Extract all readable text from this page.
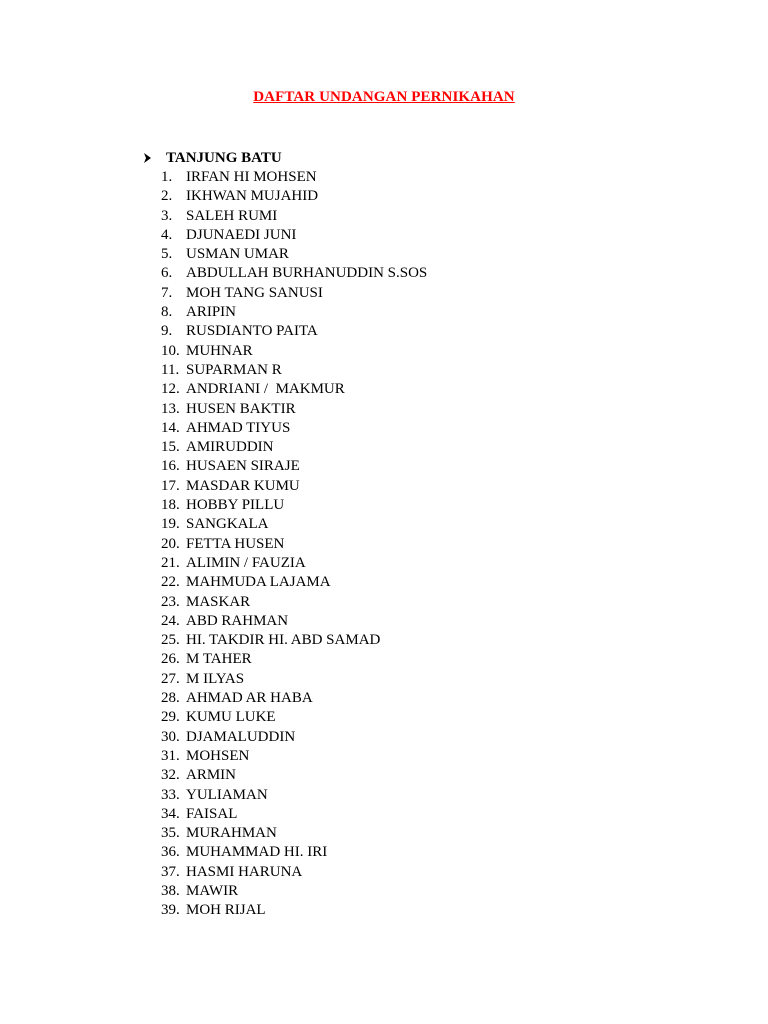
DAFTAR UNDANGAN PERNIKAHAN
TANJUNG BATU
1. IRFAN HI MOHSEN
2. IKHWAN MUJAHID
3. SALEH RUMI
4. DJUNAEDI JUNI
5. USMAN UMAR
6. ABDULLAH BURHANUDDIN S.SOS
7. MOH TANG SANUSI
8. ARIPIN
9. RUSDIANTO PAITA
10. MUHNAR
11. SUPARMAN R
12. ANDRIANI /  MAKMUR
13. HUSEN BAKTIR
14. AHMAD TIYUS
15. AMIRUDDIN
16. HUSAEN SIRAJE
17. MASDAR KUMU
18. HOBBY PILLU
19. SANGKALA
20. FETTA HUSEN
21. ALIMIN / FAUZIA
22. MAHMUDA LAJAMA
23. MASKAR
24. ABD RAHMAN
25. HI. TAKDIR HI. ABD SAMAD
26. M TAHER
27. M ILYAS
28. AHMAD AR HABA
29. KUMU LUKE
30. DJAMALUDDIN
31. MOHSEN
32. ARMIN
33. YULIAMAN
34. FAISAL
35. MURAHMAN
36. MUHAMMAD HI. IRI
37. HASMI HARUNA
38. MAWIR
39. MOH RIJAL
